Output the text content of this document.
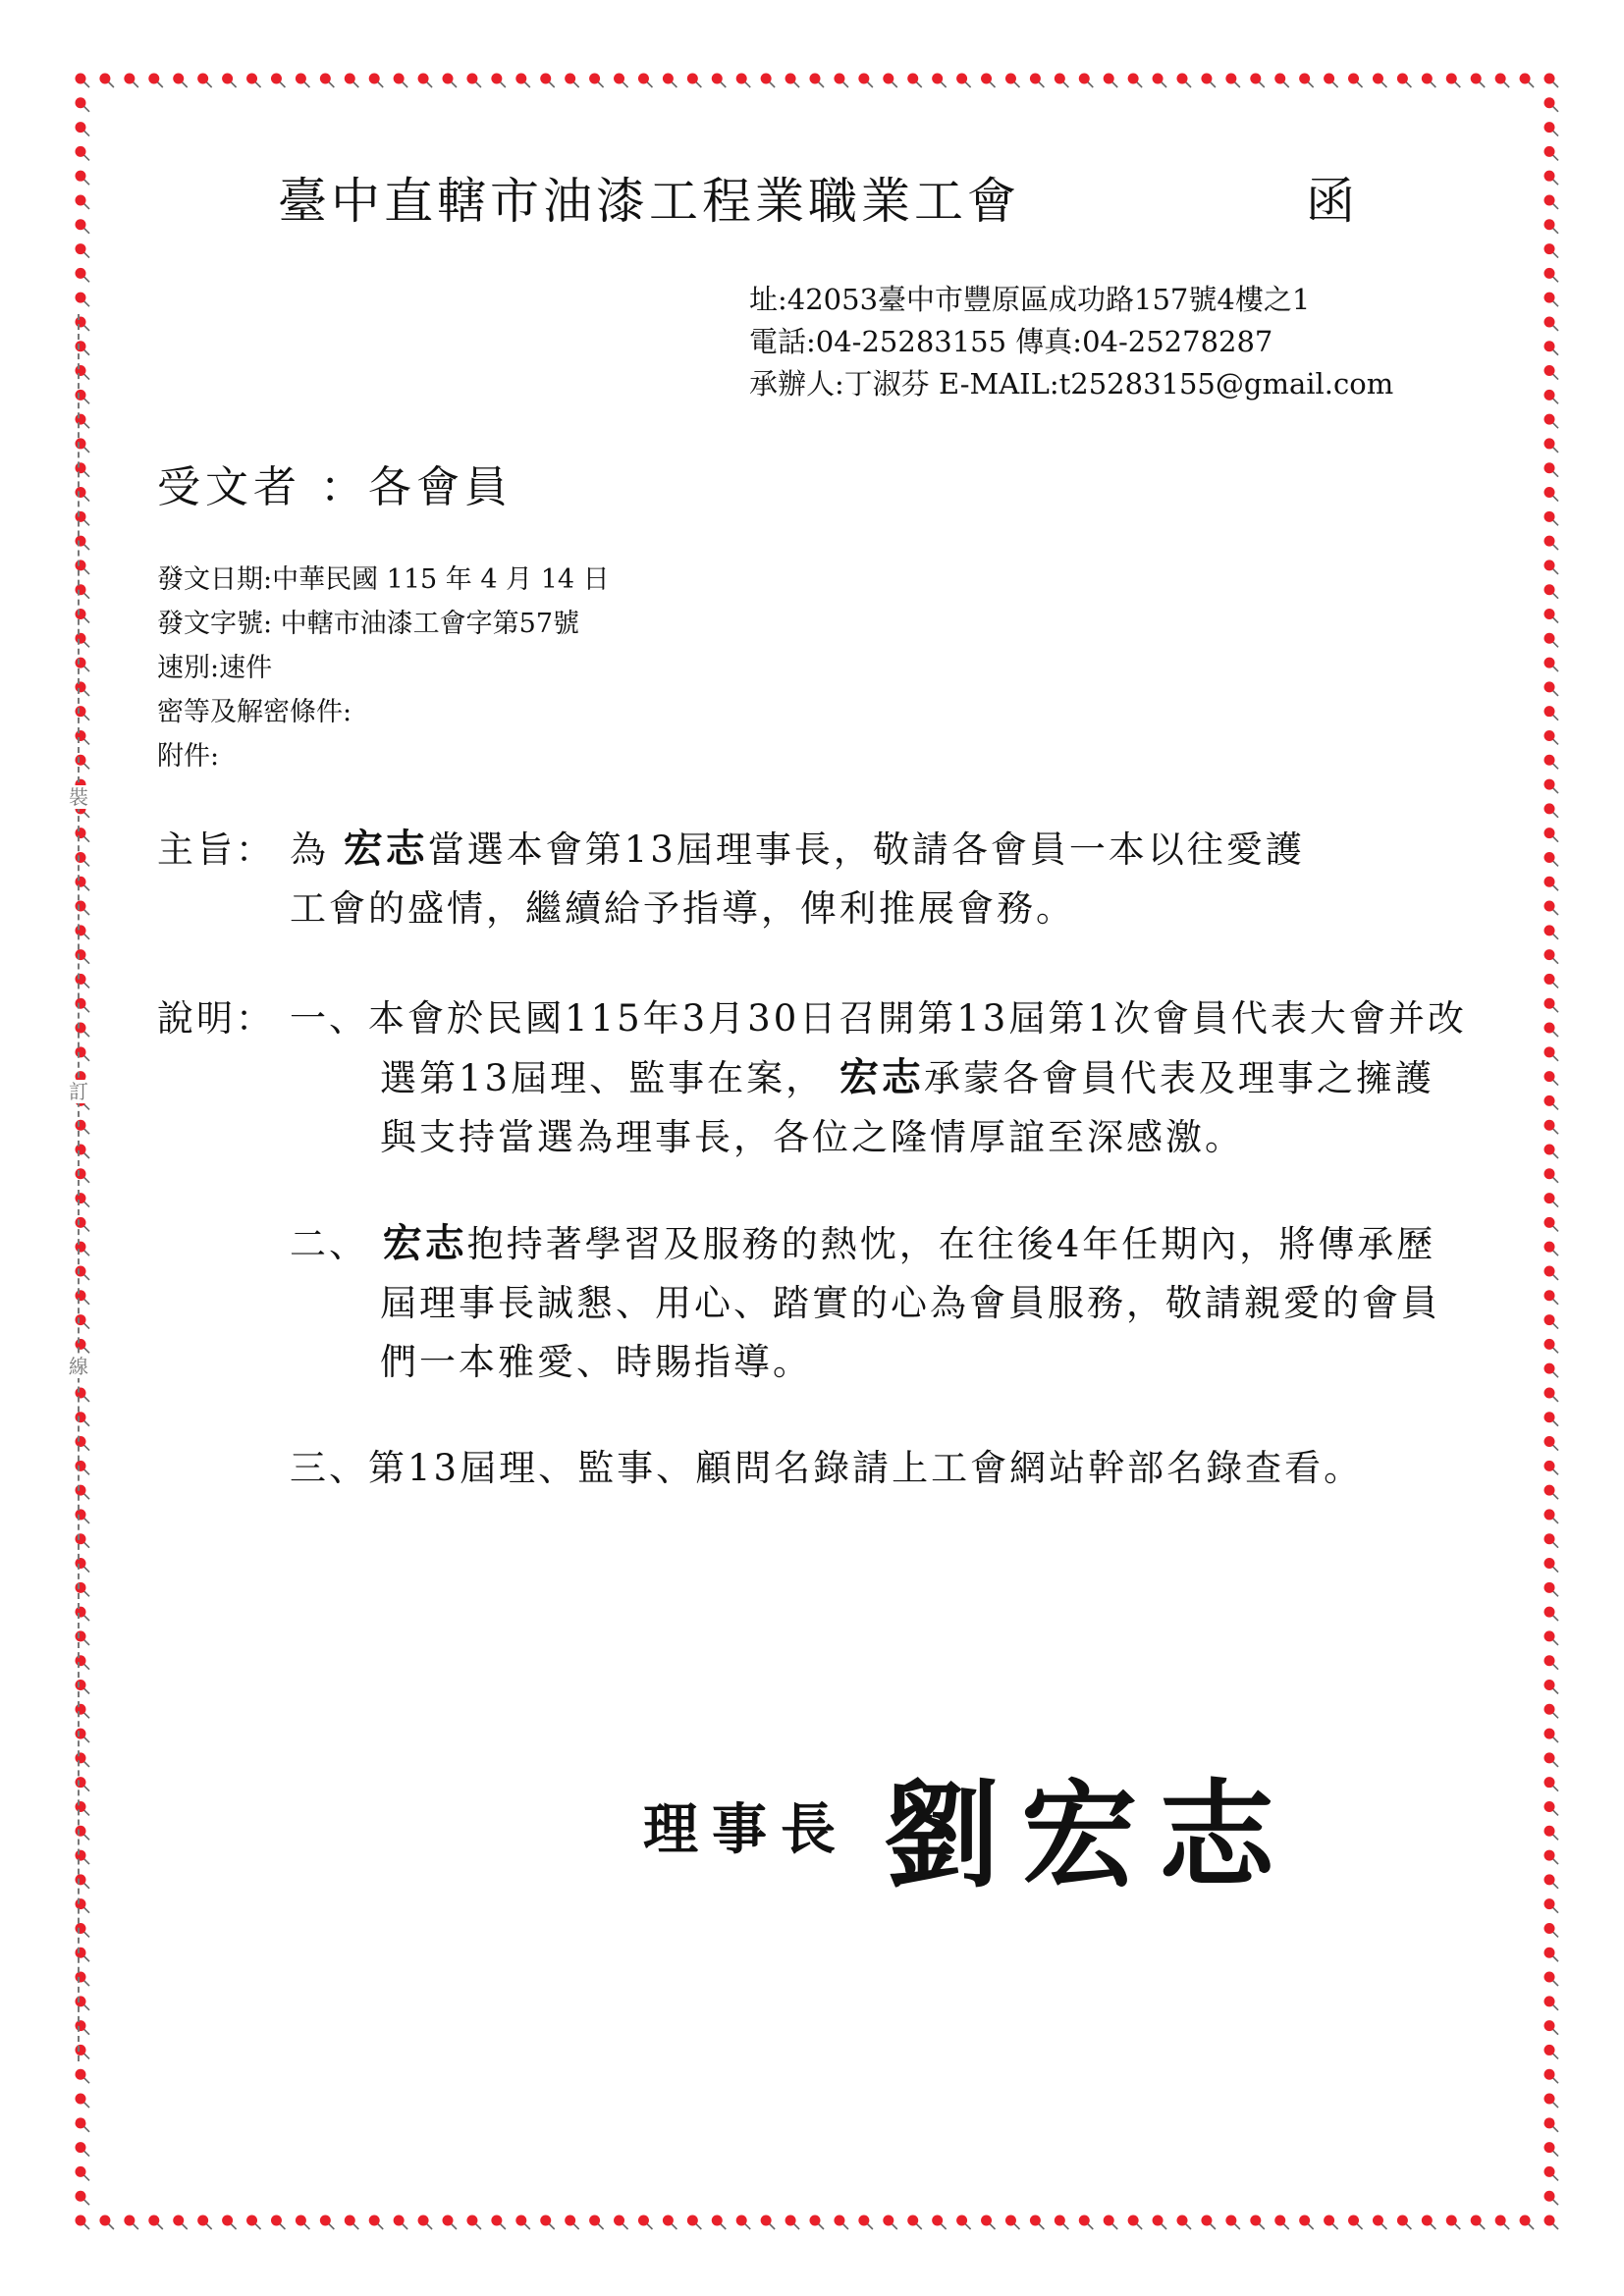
裝
訂
線
臺中直轄市油漆工程業職業工會	函
址:42053臺中市豐原區成功路157號4樓之1
電話:04-25283155 傳真:04-25278287
承辦人:丁淑芬 E-MAIL:t25283155@gmail.com
受文者 ：各會員
發文日期:中華民國 115 年 4 月 14 日
發文字號: 中轄市油漆工會字第57號
速別:速件
密等及解密條件:
附件:
主旨： 為 宏志當選本會第13屆理事長，敬請各會員一本以往愛護
工會的盛情，繼續給予指導，俾利推展會務。
說明： 一、本會於民國115年3月30日召開第13屆第1次會員代表大會并改選第13屆理、監事在案， 宏志承蒙各會員代表及理事之擁護與支持當選為理事長，各位之隆情厚誼至深感激。
二、 宏志抱持著學習及服務的熱忱，在往後4年任期內，將傳承歷屆理事長誠懇、用心、踏實的心為會員服務，敬請親愛的會員們一本雅愛、時賜指導。
三、第13屆理、監事、顧問名錄請上工會網站幹部名錄查看。
理事長 劉宏志
